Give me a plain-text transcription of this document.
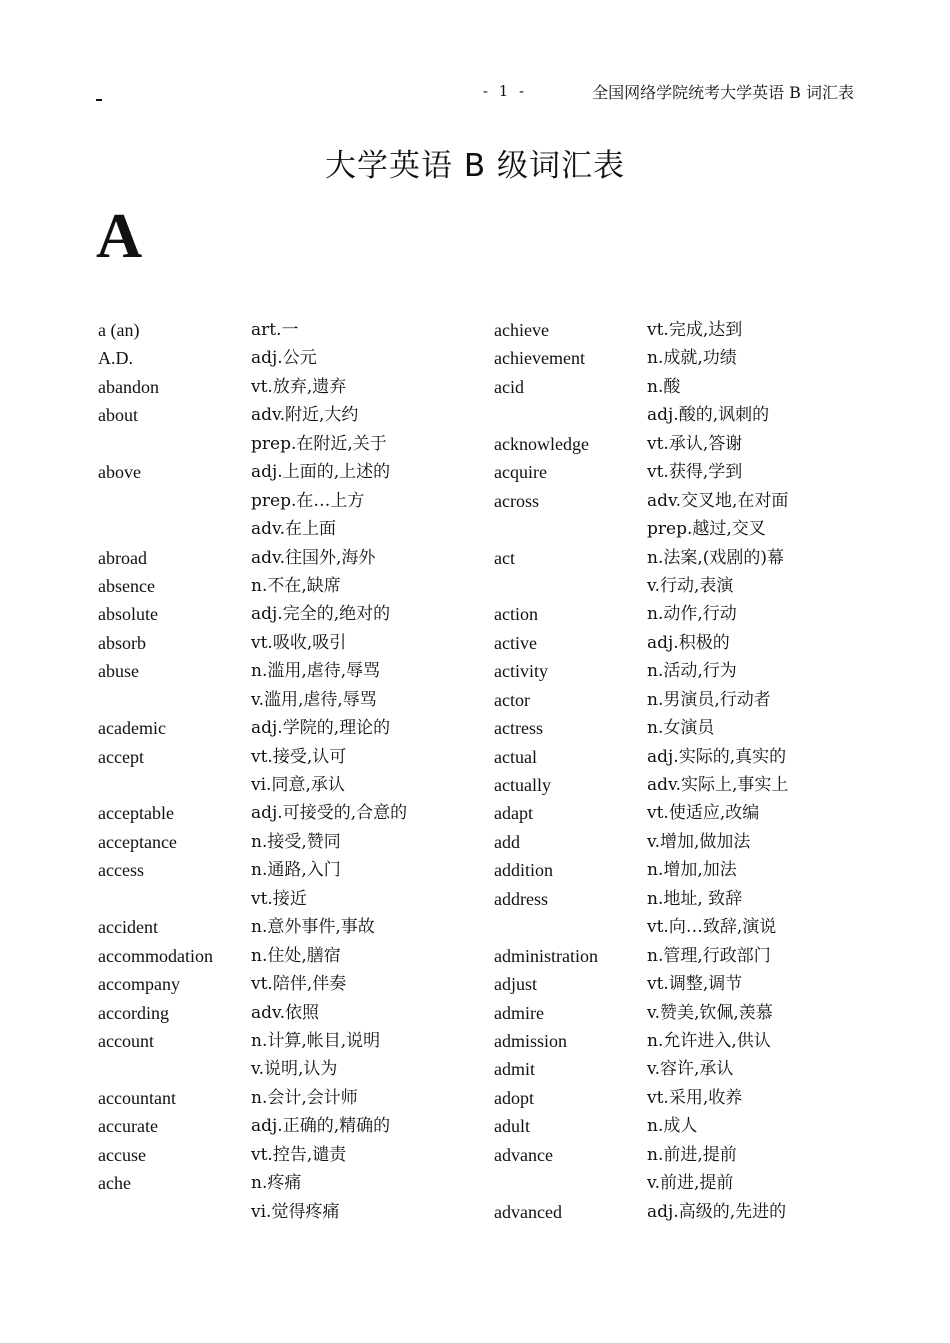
- 1 -	全国网络学院统考大学英语 B 词汇表
大学英语 B 级词汇表
A
a (an)	art.一
A.D.	adj.公元
abandon	vt.放弃,遗弃
about	adv.附近,大约
prep.在附近,关于
above	adj.上面的,上述的
prep.在…上方
adv.在上面
abroad	adv.往国外,海外
absence	n.不在,缺席
absolute	adj.完全的,绝对的
absorb	vt.吸收,吸引
abuse	n.滥用,虐待,辱骂
v.滥用,虐待,辱骂
academic	adj.学院的,理论的
accept	vt.接受,认可
vi.同意,承认
acceptable	adj.可接受的,合意的
acceptance	n.接受,赞同
access	n.通路,入门
vt.接近
accident	n.意外事件,事故
accommodation n.住处,膳宿
accompany	vt.陪伴,伴奏
according	adv.依照
account	n.计算,帐目,说明
v.说明,认为
accountant	n.会计,会计师
accurate	adj.正确的,精确的
accuse	vt.控告,谴责
ache	n.疼痛
vi.觉得疼痛
achieve	vt.完成,达到
achievement	n.成就,功绩
acid	n.酸
adj.酸的,讽刺的
acknowledge	vt.承认,答谢
acquire	vt.获得,学到
across	adv.交叉地,在对面
prep.越过,交叉
act	n.法案,(戏剧的)幕
v.行动,表演
action	n.动作,行动
active	adj.积极的
activity	n.活动,行为
actor	n.男演员,行动者
actress	n.女演员
actual	adj.实际的,真实的
actually	adv.实际上,事实上
adapt	vt.使适应,改编
add	v.增加,做加法
addition	n.增加,加法
address	n.地址, 致辞
vt.向…致辞,演说
administration	n.管理,行政部门
adjust	vt.调整,调节
admire	v.赞美,钦佩,羡慕
admission	n.允许进入,供认
admit	v.容许,承认
adopt	vt.采用,收养
adult	n.成人
advance	n.前进,提前
v.前进,提前
advanced	adj.高级的,先进的
